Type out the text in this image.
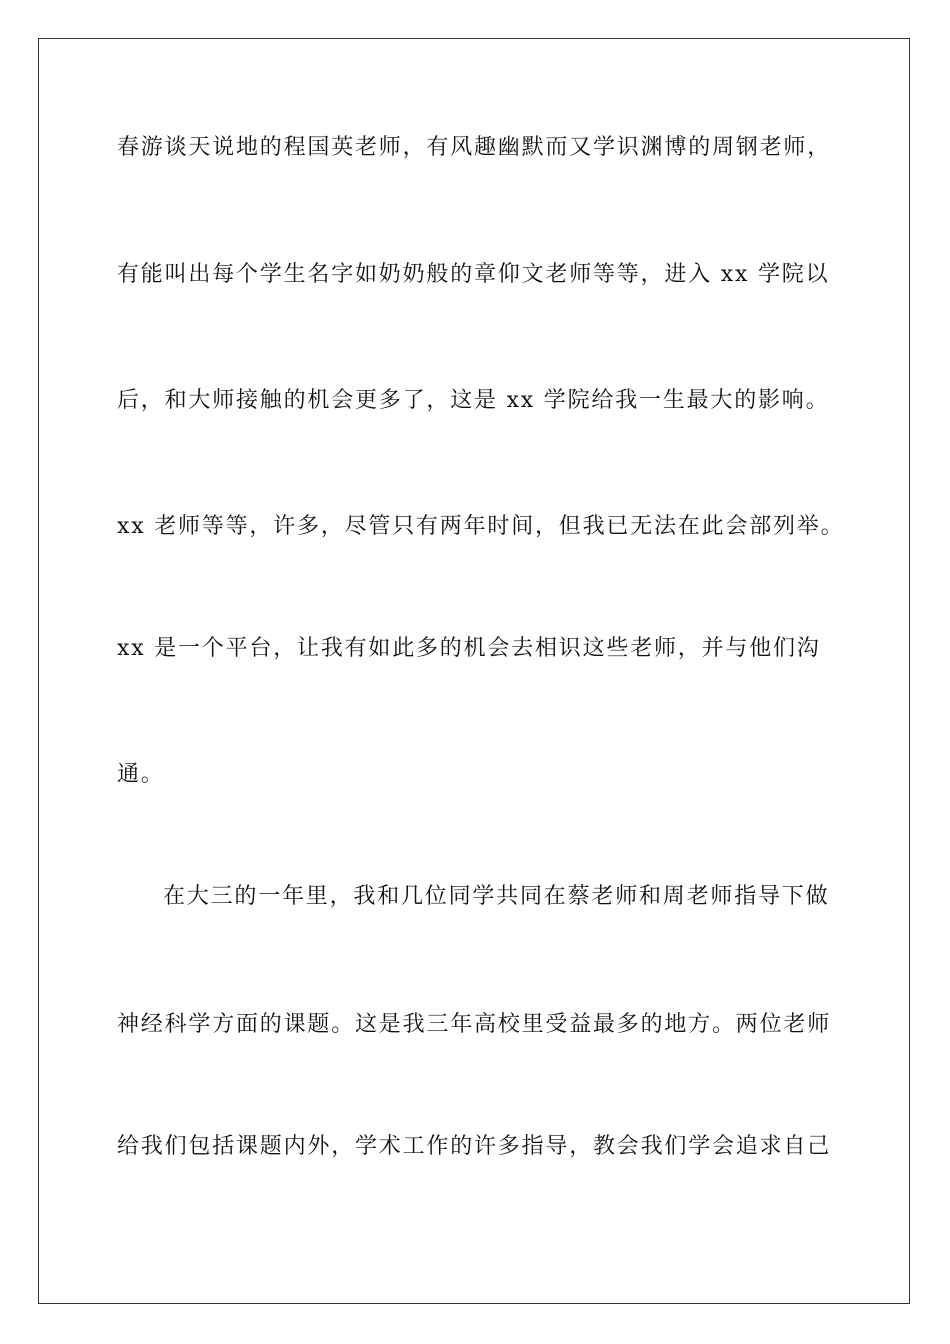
春游谈天说地的程国英老师，有风趣幽默而又学识渊博的周钢老师，
有能叫出每个学生名字如奶奶般的章仰文老师等等，进入 xx 学院以
后，和大师接触的机会更多了，这是 xx 学院给我一生最大的影响。
xx 老师等等，许多，尽管只有两年时间，但我已无法在此会部列举。
xx 是一个平台，让我有如此多的机会去相识这些老师，并与他们沟
通。
在大三的一年里，我和几位同学共同在蔡老师和周老师指导下做
神经科学方面的课题。这是我三年高校里受益最多的地方。两位老师
给我们包括课题内外，学术工作的许多指导，教会我们学会追求自己
